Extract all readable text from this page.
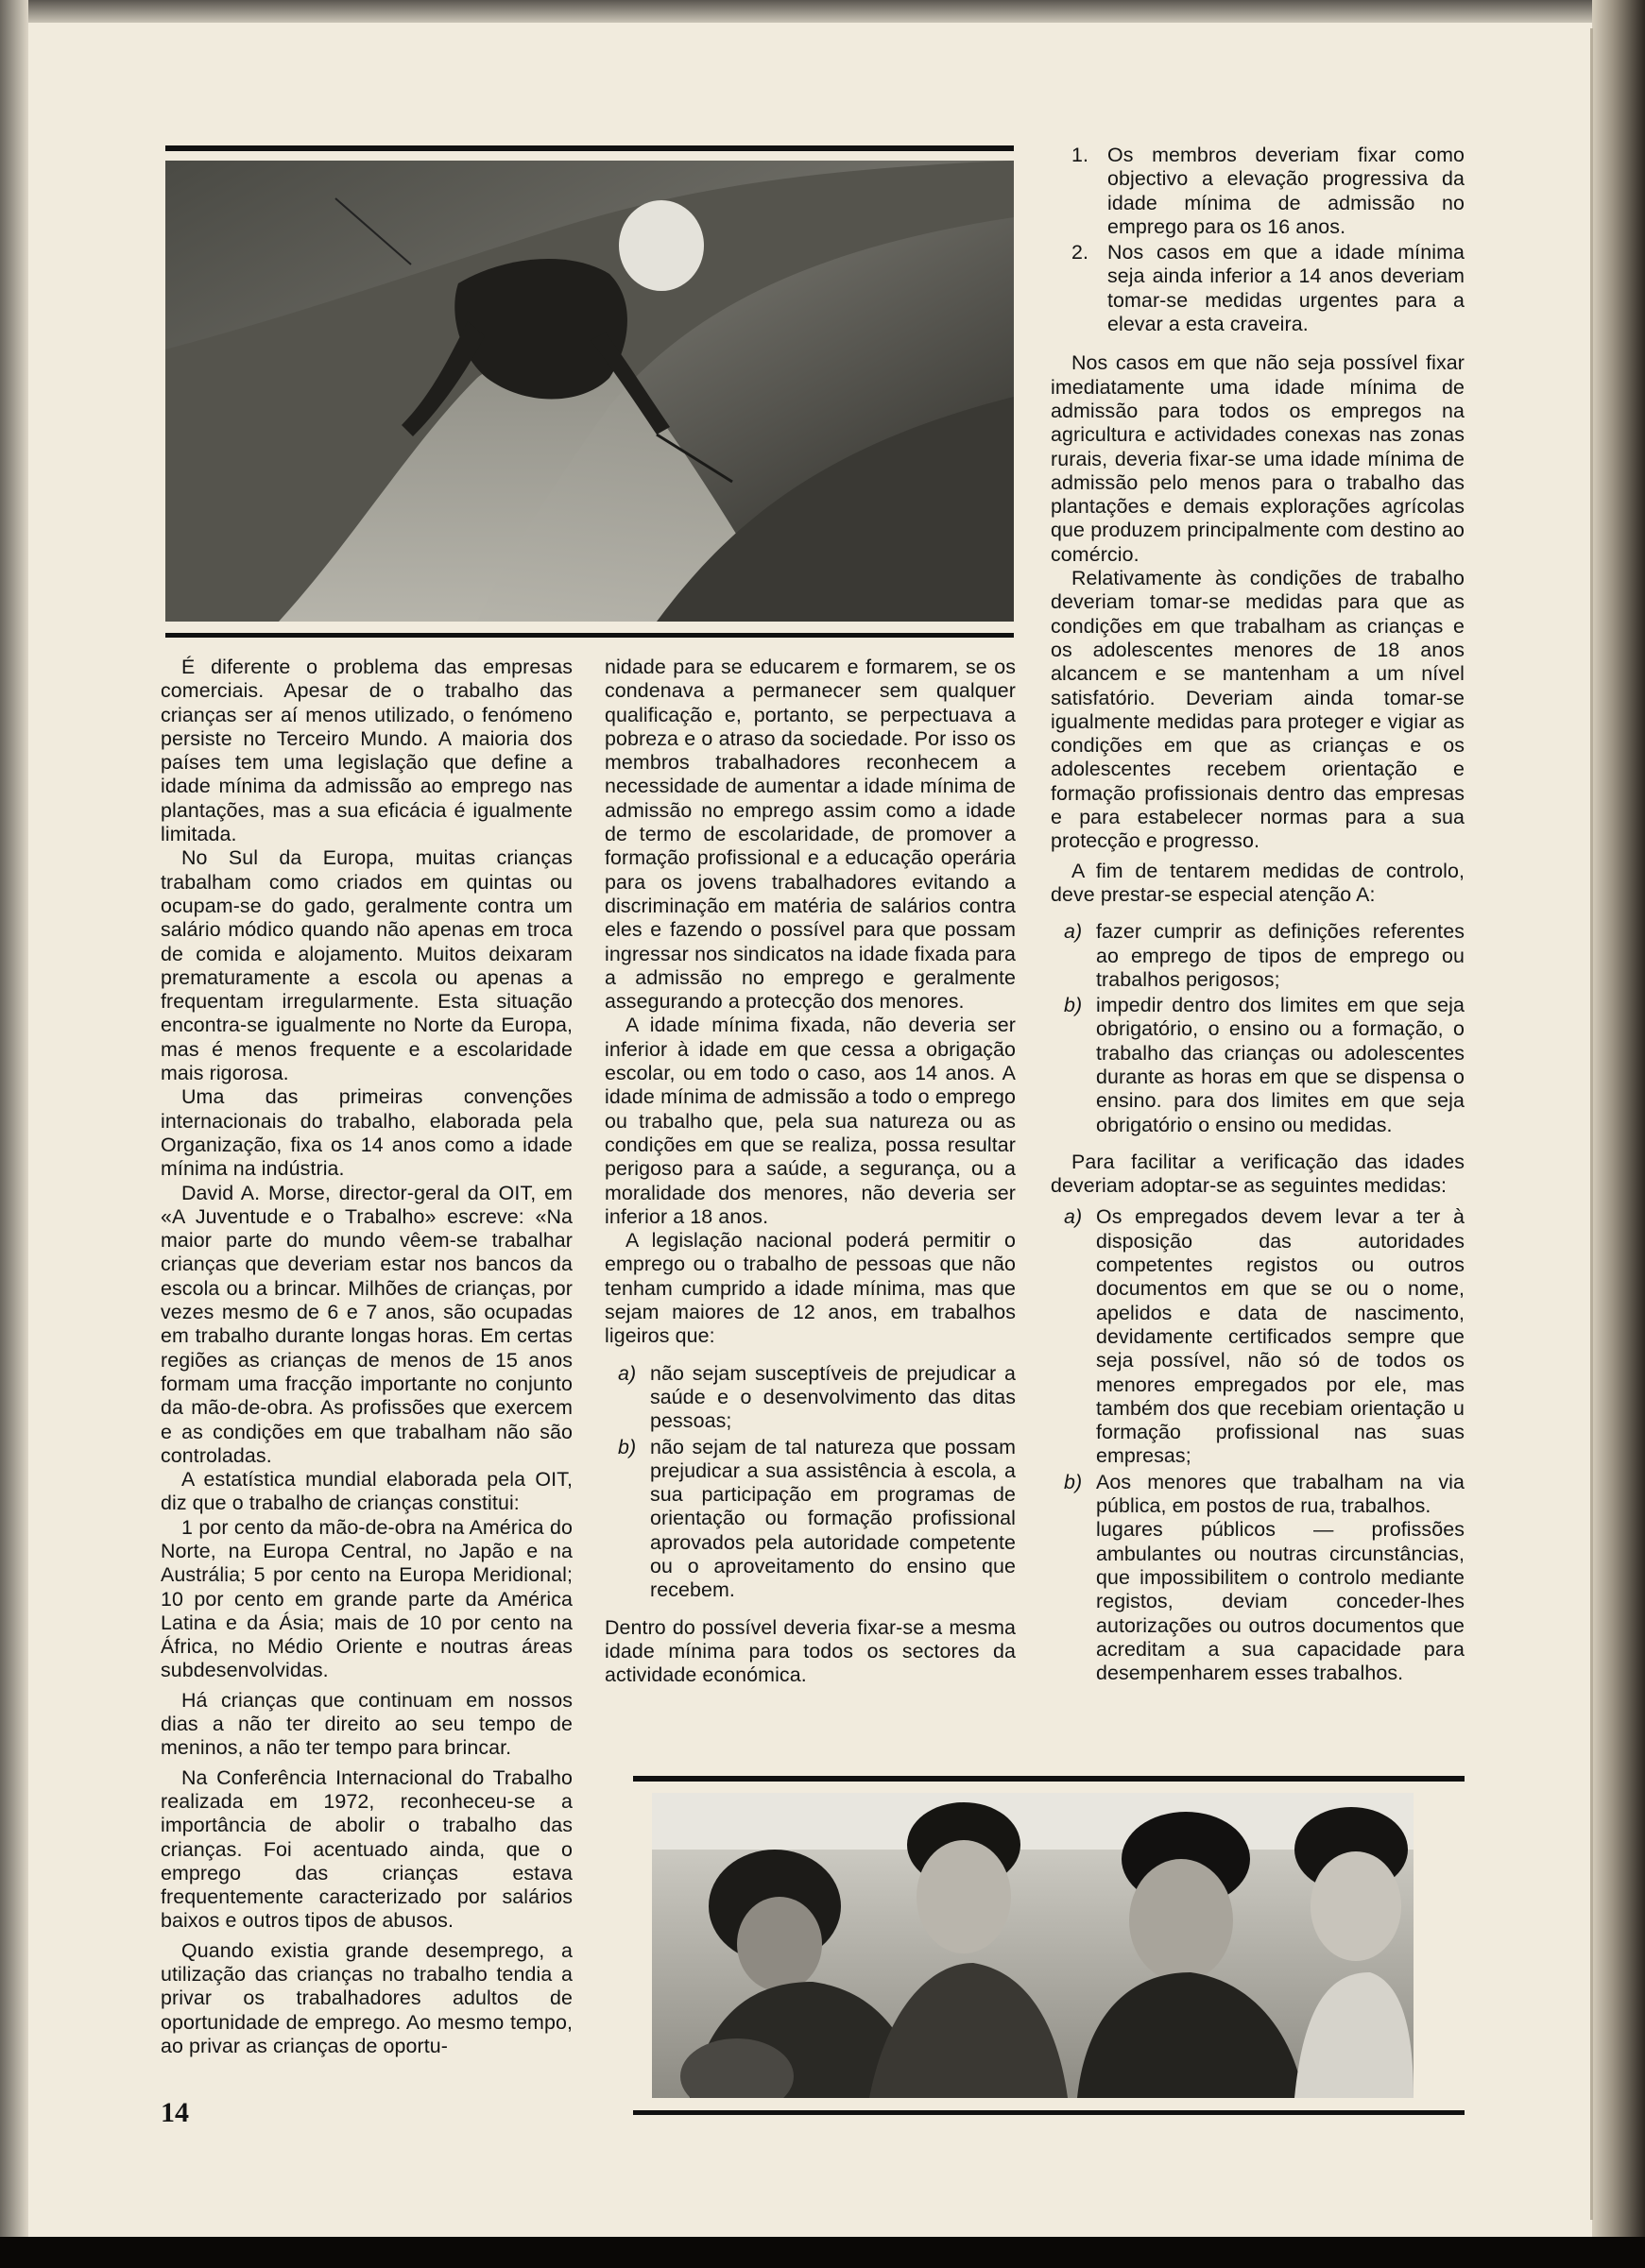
É diferente o problema das empresas comerciais. Apesar de o trabalho das crianças ser aí menos utilizado, o fenómeno persiste no Terceiro Mundo. A maioria dos países tem uma legislação que define a idade mínima da admissão ao emprego nas plantações, mas a sua eficácia é igualmente limitada.

No Sul da Europa, muitas crianças trabalham como criados em quintas ou ocupam-se do gado, geralmente contra um salário módico quando não apenas em troca de comida e alojamento. Muitos deixaram prematuramente a escola ou apenas a frequentam irregularmente. Esta situação encontra-se igualmente no Norte da Europa, mas é menos frequente e a escolaridade mais rigorosa.

Uma das primeiras convenções internacionais do trabalho, elaborada pela Organização, fixa os 14 anos como a idade mínima na indústria.

David A. Morse, director-geral da OIT, em «A Juventude e o Trabalho» escreve: «Na maior parte do mundo vêem-se trabalhar crianças que deveriam estar nos bancos da escola ou a brincar. Milhões de crianças, por vezes mesmo de 6 e 7 anos, são ocupadas em trabalho durante longas horas. Em certas regiões as crianças de menos de 15 anos formam uma fracção importante no conjunto da mão-de-obra. As profissões que exercem e as condições em que trabalham não são controladas.

A estatística mundial elaborada pela OIT, diz que o trabalho de crianças constitui:

1 por cento da mão-de-obra na América do Norte, na Europa Central, no Japão e na Austrália; 5 por cento na Europa Meridional; 10 por cento em grande parte da América Latina e da Ásia; mais de 10 por cento na África, no Médio Oriente e noutras áreas subdesenvolvidas.

Há crianças que continuam em nossos dias a não ter direito ao seu tempo de meninos, a não ter tempo para brincar.

Na Conferência Internacional do Trabalho realizada em 1972, reconheceu-se a importância de abolir o trabalho das crianças. Foi acentuado ainda, que o emprego das crianças estava frequentemente caracterizado por salários baixos e outros tipos de abusos.

Quando existia grande desemprego, a utilização das crianças no trabalho tendia a privar os trabalhadores adultos de oportunidade de emprego. Ao mesmo tempo, ao privar as crianças de oportu-

nidade para se educarem e formarem, se os condenava a permanecer sem qualquer qualificação e, portanto, se perpectuava a pobreza e o atraso da sociedade. Por isso os membros trabalhadores reconhecem a necessidade de aumentar a idade mínima de admissão no emprego assim como a idade de termo de escolaridade, de promover a formação profissional e a educação operária para os jovens trabalhadores evitando a discriminação em matéria de salários contra eles e fazendo o possível para que possam ingressar nos sindicatos na idade fixada para a admissão no emprego e geralmente assegurando a protecção dos menores.

A idade mínima fixada, não deveria ser inferior à idade em que cessa a obrigação escolar, ou em todo o caso, aos 14 anos. A idade mínima de admissão a todo o emprego ou trabalho que, pela sua natureza ou as condições em que se realiza, possa resultar perigoso para a saúde, a segurança, ou a moralidade dos menores, não deveria ser inferior a 18 anos.

A legislação nacional poderá permitir o emprego ou o trabalho de pessoas que não tenham cumprido a idade mínima, mas que sejam maiores de 12 anos, em trabalhos ligeiros que:

a) não sejam susceptíveis de prejudicar a saúde e o desenvolvimento das ditas pessoas;
b) não sejam de tal natureza que possam prejudicar a sua assistência à escola, a sua participação em programas de orientação ou formação profissional aprovados pela autoridade competente ou o aproveitamento do ensino que recebem.

Dentro do possível deveria fixar-se a mesma idade mínima para todos os sectores da actividade económica.

1. Os membros deveriam fixar como objectivo a elevação progressiva da idade mínima de admissão no emprego para os 16 anos.
2. Nos casos em que a idade mínima seja ainda inferior a 14 anos deveriam tomar-se medidas urgentes para a elevar a esta craveira.

Nos casos em que não seja possível fixar imediatamente uma idade mínima de admissão para todos os empregos na agricultura e actividades conexas nas zonas rurais, deveria fixar-se uma idade mínima de admissão pelo menos para o trabalho das plantações e demais explorações agrícolas que produzem principalmente com destino ao comércio.

Relativamente às condições de trabalho deveriam tomar-se medidas para que as condições em que trabalham as crianças e os adolescentes menores de 18 anos alcancem e se mantenham a um nível satisfatório. Deveriam ainda tomar-se igualmente medidas para proteger e vigiar as condições em que as crianças e os adolescentes recebem orientação e formação profissionais dentro das empresas e para estabelecer normas para a sua protecção e progresso.

A fim de tentarem medidas de controlo, deve prestar-se especial atenção A:

a) fazer cumprir as definições referentes ao emprego de tipos de emprego ou trabalhos perigosos;
b) impedir dentro dos limites em que seja obrigatório, o ensino ou a formação, o trabalho das crianças ou adolescentes durante as horas em que se dispensa o ensino. para dos limites em que seja obrigatório o ensino ou medidas.

Para facilitar a verificação das idades deveriam adoptar-se as seguintes medidas:

a) Os empregados devem levar a ter à disposição das autoridades competentes registos ou outros documentos em que se ou o nome, apelidos e data de nascimento, devidamente certificados sempre que seja possível, não só de todos os menores empregados por ele, mas também dos que recebiam orientação u formação profissional nas suas empresas;
b) Aos menores que trabalham na via pública, em postos de rua, trabalhos.

lugares públicos — profissões ambulantes ou noutras circunstâncias, que impossibilitem o controlo mediante registos, deviam conceder-lhes autorizações ou outros documentos que acreditam a sua capacidade para desempenharem esses trabalhos.

14
